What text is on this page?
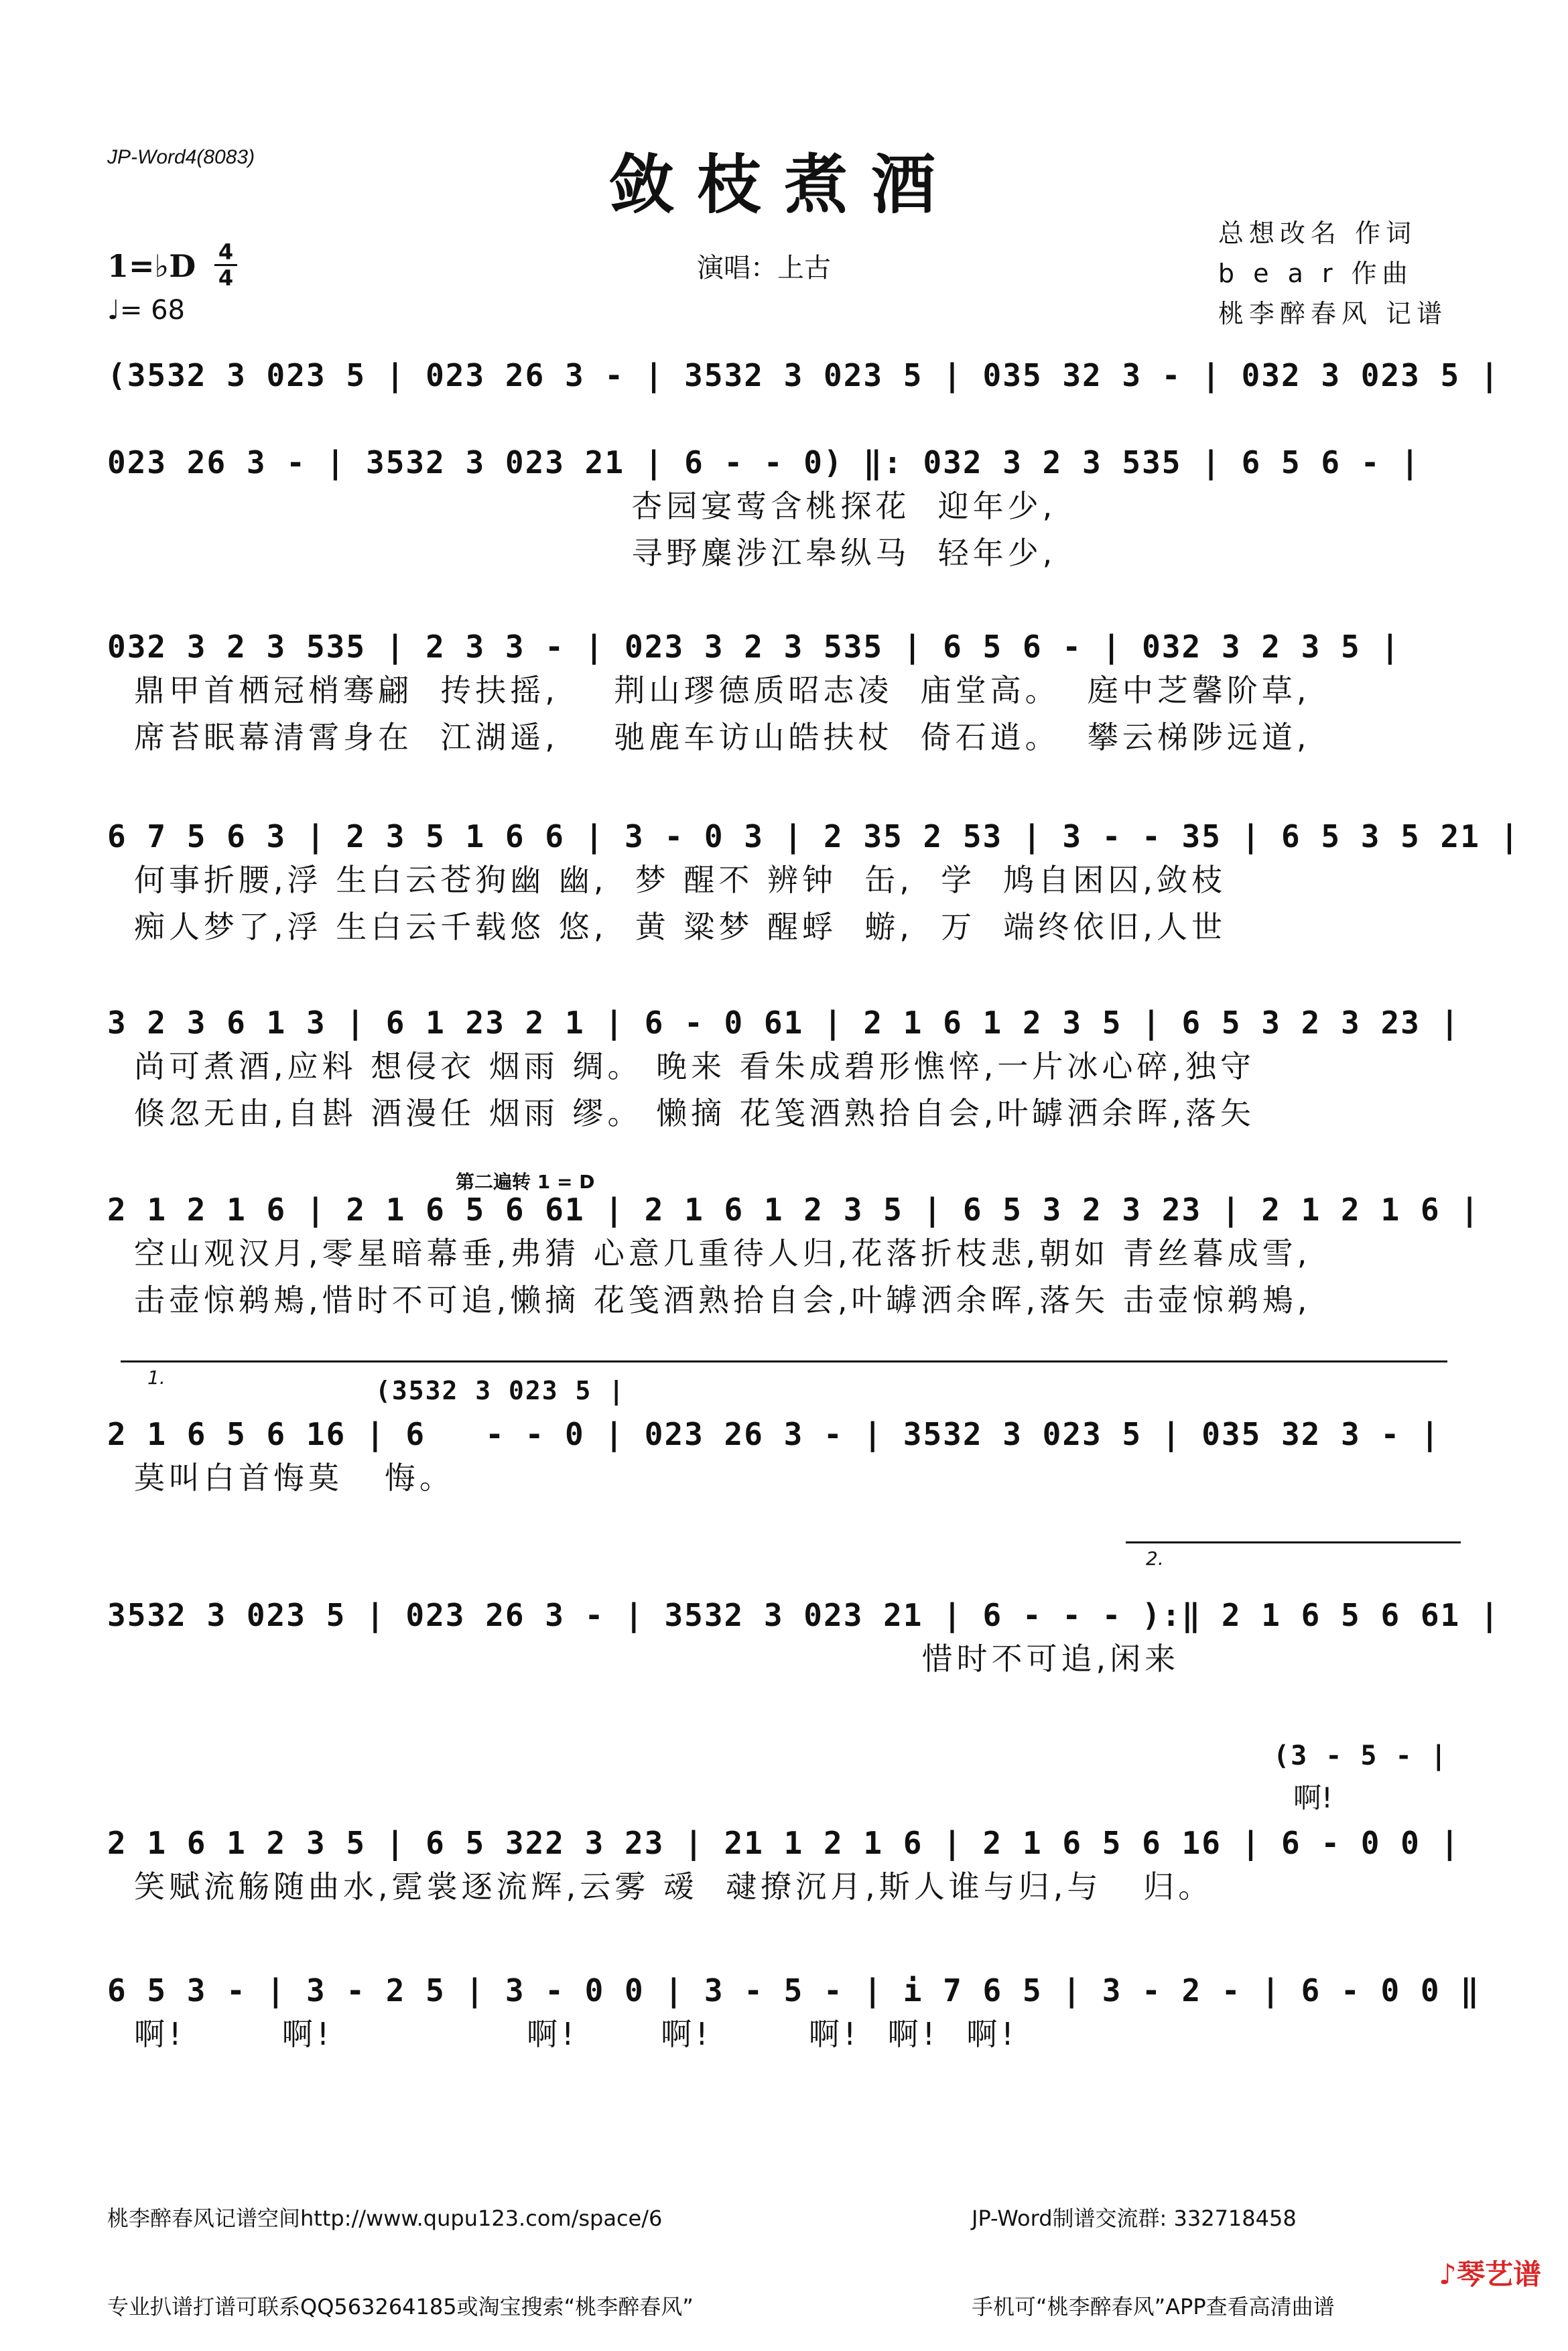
JP-Word4(8083)	敛枝煮酒
演唱：上古
总想改名 作词
b e a r 作曲
桃李醉春风 记谱
1=♭D 4
4
♩= 68
(3532 3 023 5 | 023 26 3 - | 3532 3 023 5 | 035 32 3 - | 032 3 023 5 |
023 26 3 - | 3532 3 023 21 | 6 - - 0) ‖: 032 3 2 3 535 | 6 5 6 - |
杏园宴莺含桃探花  迎年少,
寻野麋涉江皋纵马  轻年少,
032 3 2 3 535 | 2 3 3 - | 023 3 2 3 535 | 6 5 6 - | 032 3 2 3 5 |
鼎甲首栖冠梢骞翩  抟扶摇,    荆山璆德质昭志凌  庙堂高。  庭中芝馨阶草,
席苔眠幕清霄身在  江湖遥,    驰鹿车访山皓扶杖  倚石逍。  攀云梯陟远道,
6 7 5 6 3 | 2 3 5 1 6 6 | 3 - 0 3 | 2 35 2 53 | 3 - - 35 | 6 5 3 5 21 |
何事折腰,浮 生白云苍狗幽 幽,  梦 醒不 辨钟  缶,  学  鸠自困囚,敛枝
痴人梦了,浮 生白云千载悠 悠,  黄 粱梦 醒蜉  蝣,  万  端终依旧,人世
3 2 3 6 1 3 | 6 1 23 2 1 | 6 - 0 61 | 2 1 6 1 2 3 5 | 6 5 3 2 3 23 |
尚可煮酒,应料 想侵衣 烟雨 绸。 晚来 看朱成碧形憔悴,一片冰心碎,独守
倏忽无由,自斟 酒漫任 烟雨 缪。 懒摘 花笺酒熟拾自会,叶罅洒余晖,落矢
第二遍转 1 = D
2 1 2 1 6 | 2 1 6 5 6 61 | 2 1 6 1 2 3 5 | 6 5 3 2 3 23 | 2 1 2 1 6 |
空山观汉月,零星暗幕垂,弗猜 心意几重待人归,花落折枝悲,朝如 青丝暮成雪,
击壶惊鹈鴂,惜时不可追,懒摘 花笺酒熟拾自会,叶罅洒余晖,落矢 击壶惊鹈鴂,
1.	(3532 3 023 5 |
2 1 6 5 6 16 | 6   - - 0 | 023 26 3 - | 3532 3 023 5 | 035 32 3 - |
莫叫白首悔莫   悔。
2.
3532 3 023 5 | 023 26 3 - | 3532 3 023 21 | 6 - - - ):‖ 2 1 6 5 6 61 |
惜时不可追,闲来
(3 - 5 - |
啊!
2 1 6 1 2 3 5 | 6 5 322 3 23 | 21 1 2 1 6 | 2 1 6 5 6 16 | 6 - 0 0 |
笑赋流觞随曲水,霓裳逐流辉,云雾 叆  叇撩沉月,斯人谁与归,与   归。
6 5 3 - | 3 - 2 5 | 3 - 0 0 | 3 - 5 - | i 7 6 5 | 3 - 2 - | 6 - 0 0 ‖
啊!       啊!              啊!      啊!       啊!  啊!  啊!

桃李醉春风记谱空间http://www.qupu123.com/space/6

专业扒谱打谱可联系QQ563264185或淘宝搜索“桃李醉春风”

JP-Word制谱交流群: 332718458

手机可“桃李醉春风”APP查看高清曲谱

♪琴艺谱
